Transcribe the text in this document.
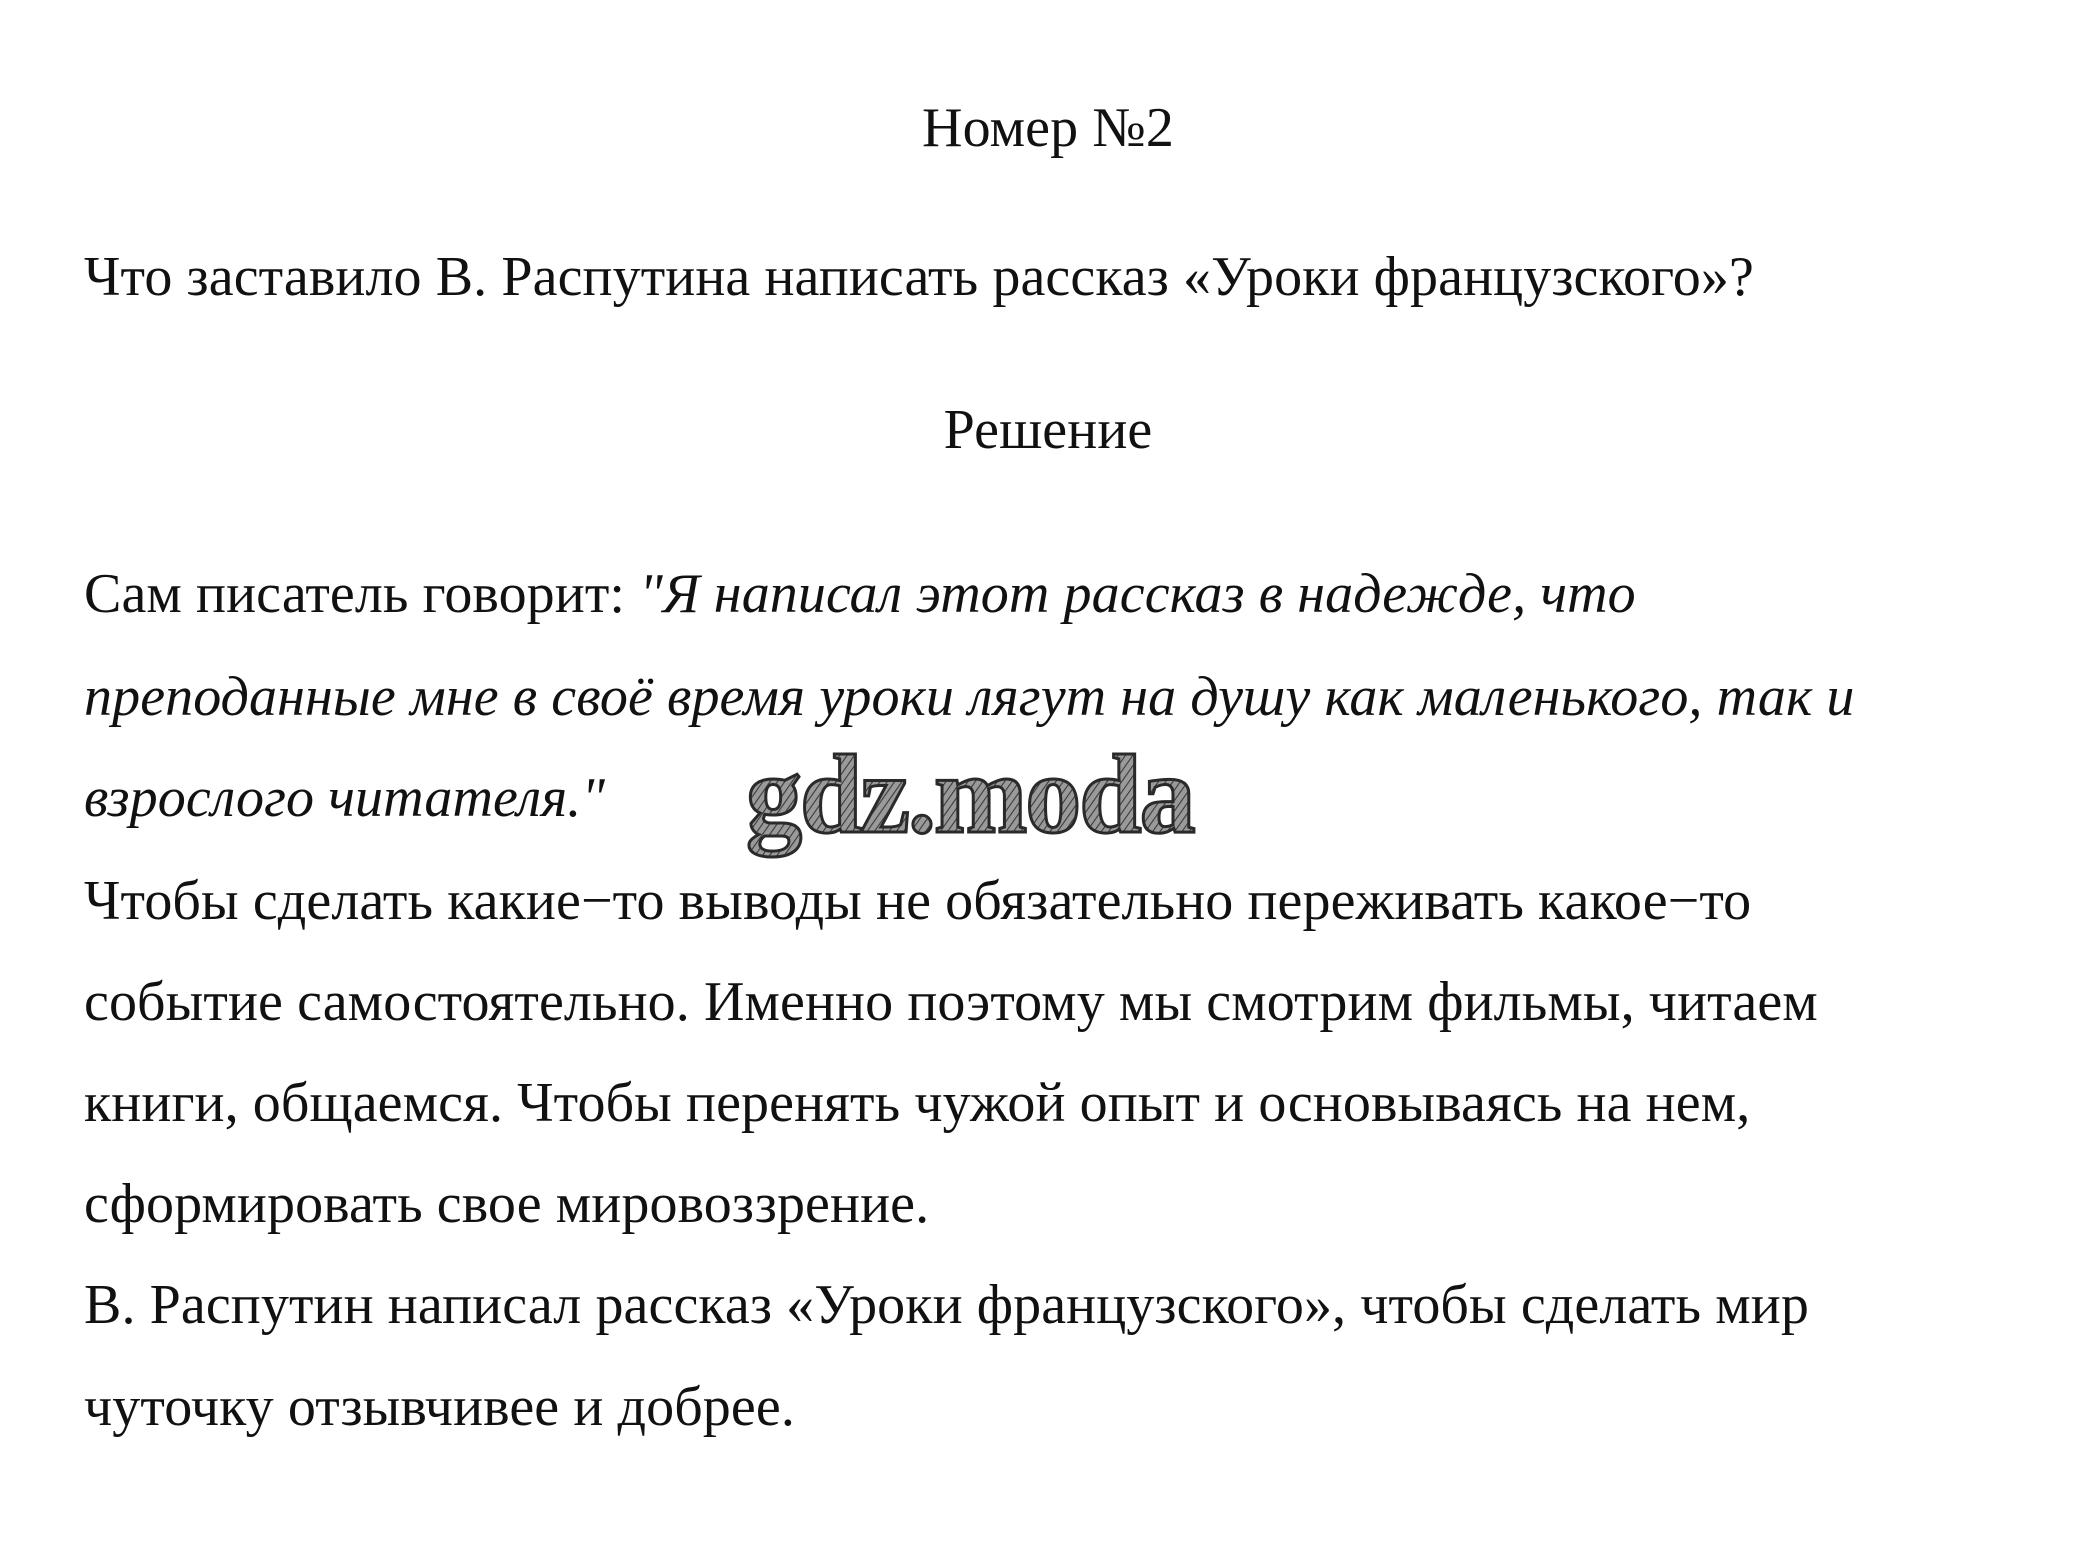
Номер №2
Что заставило В. Распутина написать рассказ «Уроки французского»?
Решение
Сам писатель говорит: "Я написал этот рассказ в надежде, что
преподанные мне в своё время уроки лягут на душу как маленького, так и
взрослого читателя."
Чтобы сделать какие−то выводы не обязательно переживать какое−то
событие самостоятельно. Именно поэтому мы смотрим фильмы, читаем
книги, общаемся. Чтобы перенять чужой опыт и основываясь на нем,
сформировать свое мировоззрение.
В. Распутин написал рассказ «Уроки французского», чтобы сделать мир
чуточку отзывчивее и добрее.
gdz.moda
